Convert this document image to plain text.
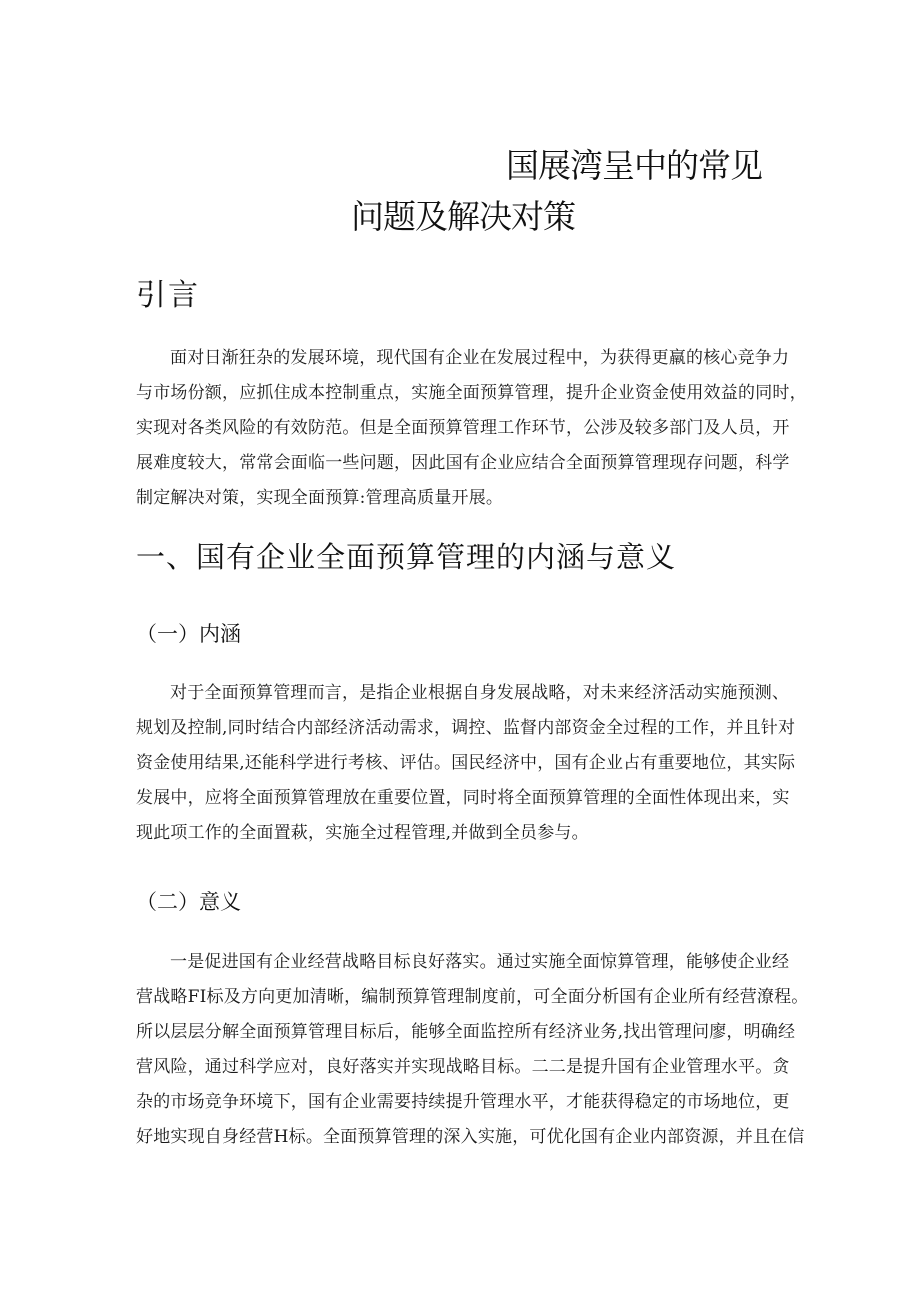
国展湾呈中的常见
问题及解决对策
引言
面对日渐狂杂的发展环境，现代国有企业在发展过程中，为获得更羸的核心竞争力
与市场份额，应抓住成本控制重点，实施全面预算管理，提升企业资金使用效益的同时，
实现对各类风险的有效防范。但是全面预算管理工作环节，公涉及较多部门及人员，开
展难度较大，常常会面临一些问题，因此国有企业应结合全面预算管理现存问题，科学
制定解决对策，实现全面预算:管理高质量开展。
一、国有企业全面预算管理的内涵与意义
（一）内涵
对于全面预算管理而言，是指企业根据自身发展战略，对未来经济活动实施预测、
规划及控制,同时结合内部经济活动需求，调控、监督内部资金全过程的工作，并且针对
资金使用结果,还能科学进行考核、评估。国民经济中，国有企业占有重要地位，其实际
发展中，应将全面预算管理放在重要位置，同时将全面预算管理的全面性体现出来，实
现此项工作的全面置萩，实施全过程管理,并做到全员参与。
（二）意义
一是促进国有企业经营战略目标良好落实。通过实施全面惊算管理，能够使企业经
营战略FI标及方向更加清晰，编制预算管理制度前，可全面分析国有企业所有经营潦程。
所以层层分解全面预算管理目标后，能够全面监控所有经济业务,找出管理问廖，明确经
营风险，通过科学应对，良好落实并实现战略目标。二二是提升国有企业管理水平。贪
杂的市场竞争环境下，国有企业需要持续提升管理水平，才能获得稳定的市场地位，更
好地实现自身经营H标。全面预算管理的深入实施，可优化国有企业内部资源，并且在信
